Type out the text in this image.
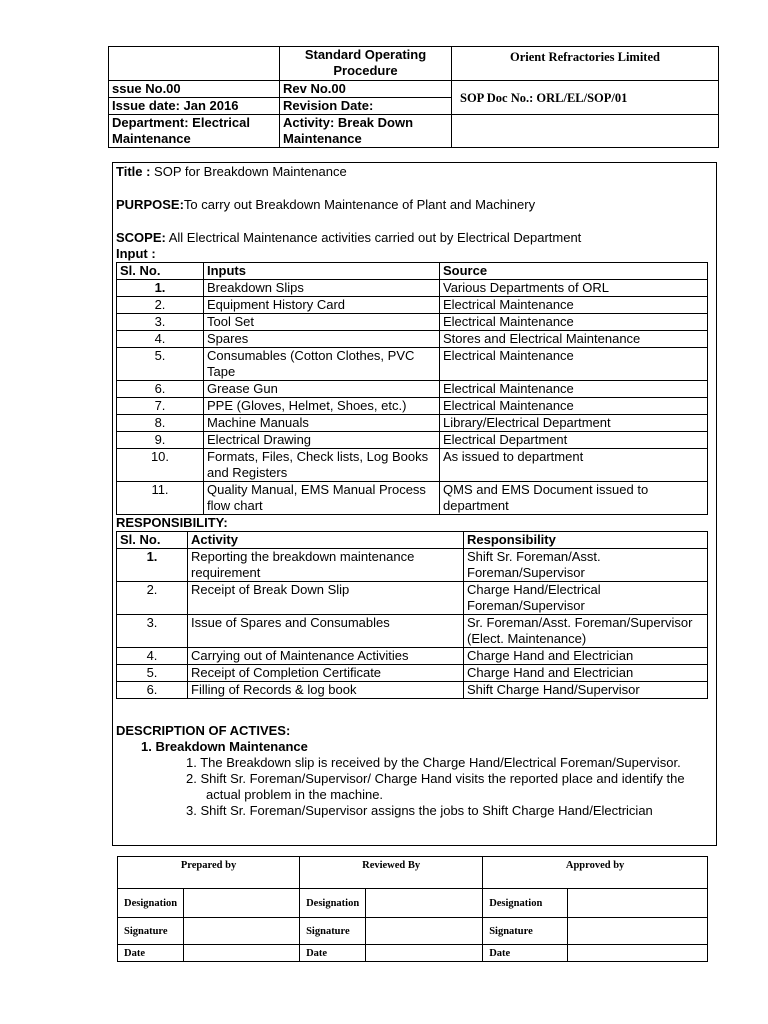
	Standard Operating Procedure	Orient Refractories Limited
ssue No.00	Rev No.00	SOP Doc No.: ORL/EL/SOP/01
Issue date: Jan 2016	Revision Date:	
Department: Electrical Maintenance	Activity: Break Down Maintenance	

Title : SOP for Breakdown Maintenance

PURPOSE:To carry out Breakdown Maintenance of Plant and Machinery

SCOPE: All Electrical Maintenance activities carried out by Electrical Department

Input :

Sl. No.	Inputs	Source
1.	Breakdown Slips	Various Departments of ORL
2.	Equipment History Card	Electrical Maintenance
3.	Tool Set	Electrical Maintenance
4.	Spares	Stores and Electrical Maintenance
5.	Consumables (Cotton Clothes, PVC Tape	Electrical Maintenance
6.	Grease Gun	Electrical Maintenance
7.	PPE (Gloves, Helmet, Shoes, etc.)	Electrical Maintenance
8.	Machine Manuals	Library/Electrical Department
9.	Electrical Drawing	Electrical Department
10.	Formats, Files, Check lists, Log Books and Registers	As issued to department
11.	Quality Manual, EMS Manual Process flow chart	QMS and EMS Document issued to department

RESPONSIBILITY:

Sl. No.	Activity	Responsibility
1.	Reporting the breakdown maintenance requirement	Shift Sr. Foreman/Asst. Foreman/Supervisor
2.	Receipt of Break Down Slip	Charge Hand/Electrical Foreman/Supervisor
3.	Issue of Spares and Consumables	Sr. Foreman/Asst. Foreman/Supervisor (Elect. Maintenance)
4.	Carrying out of Maintenance Activities	Charge Hand and Electrician
5.	Receipt of Completion Certificate	Charge Hand and Electrician
6.	Filling of Records & log book	Shift Charge Hand/Supervisor

DESCRIPTION OF ACTIVES:

1. Breakdown Maintenance

1. The Breakdown slip is received by the Charge Hand/Electrical Foreman/Supervisor.

2. Shift Sr. Foreman/Supervisor/ Charge Hand visits the reported place and identify the actual problem in the machine.

3. Shift Sr. Foreman/Supervisor assigns the jobs to Shift Charge Hand/Electrician

Prepared by		Reviewed By		Approved by	
Designation		Designation		Designation	
Signature		Signature		Signature	
Date		Date		Date	
